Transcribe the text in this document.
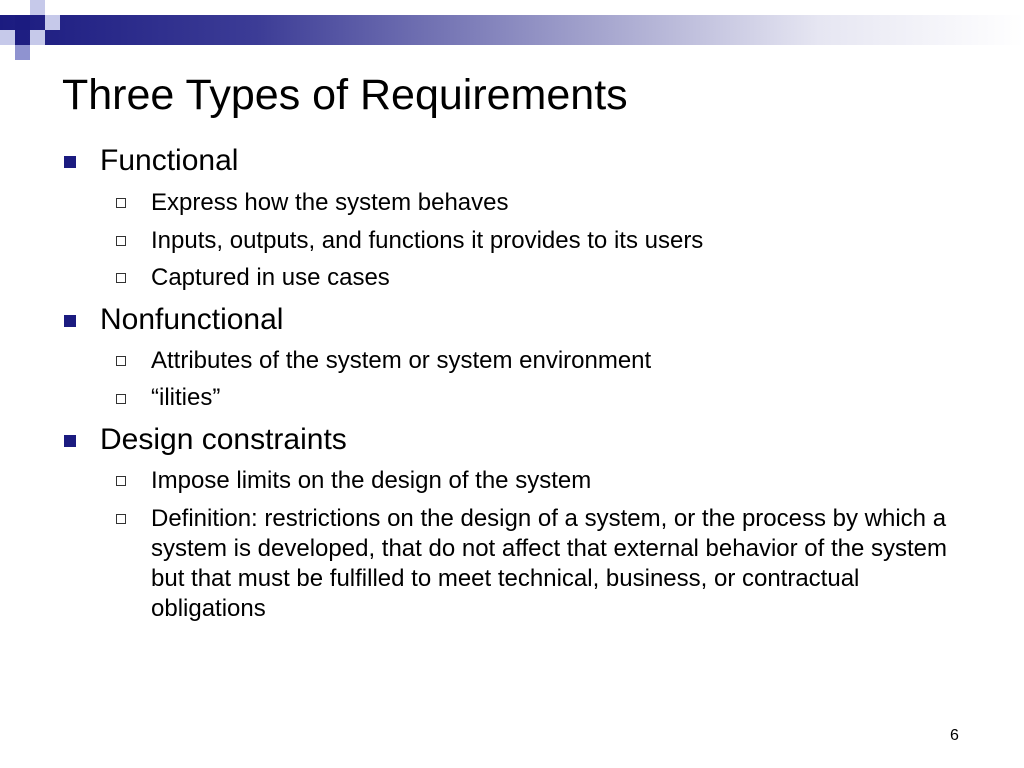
Three Types of Requirements
Functional
Express how the system behaves
Inputs, outputs, and functions it provides to its users
Captured in use cases
Nonfunctional
Attributes of the system or system environment
“ilities”
Design constraints
Impose limits on the design of the system
Definition: restrictions on the design of a system, or the process by which a system is developed, that do not affect that external behavior of the system but that must be fulfilled to meet technical, business, or contractual obligations
6
